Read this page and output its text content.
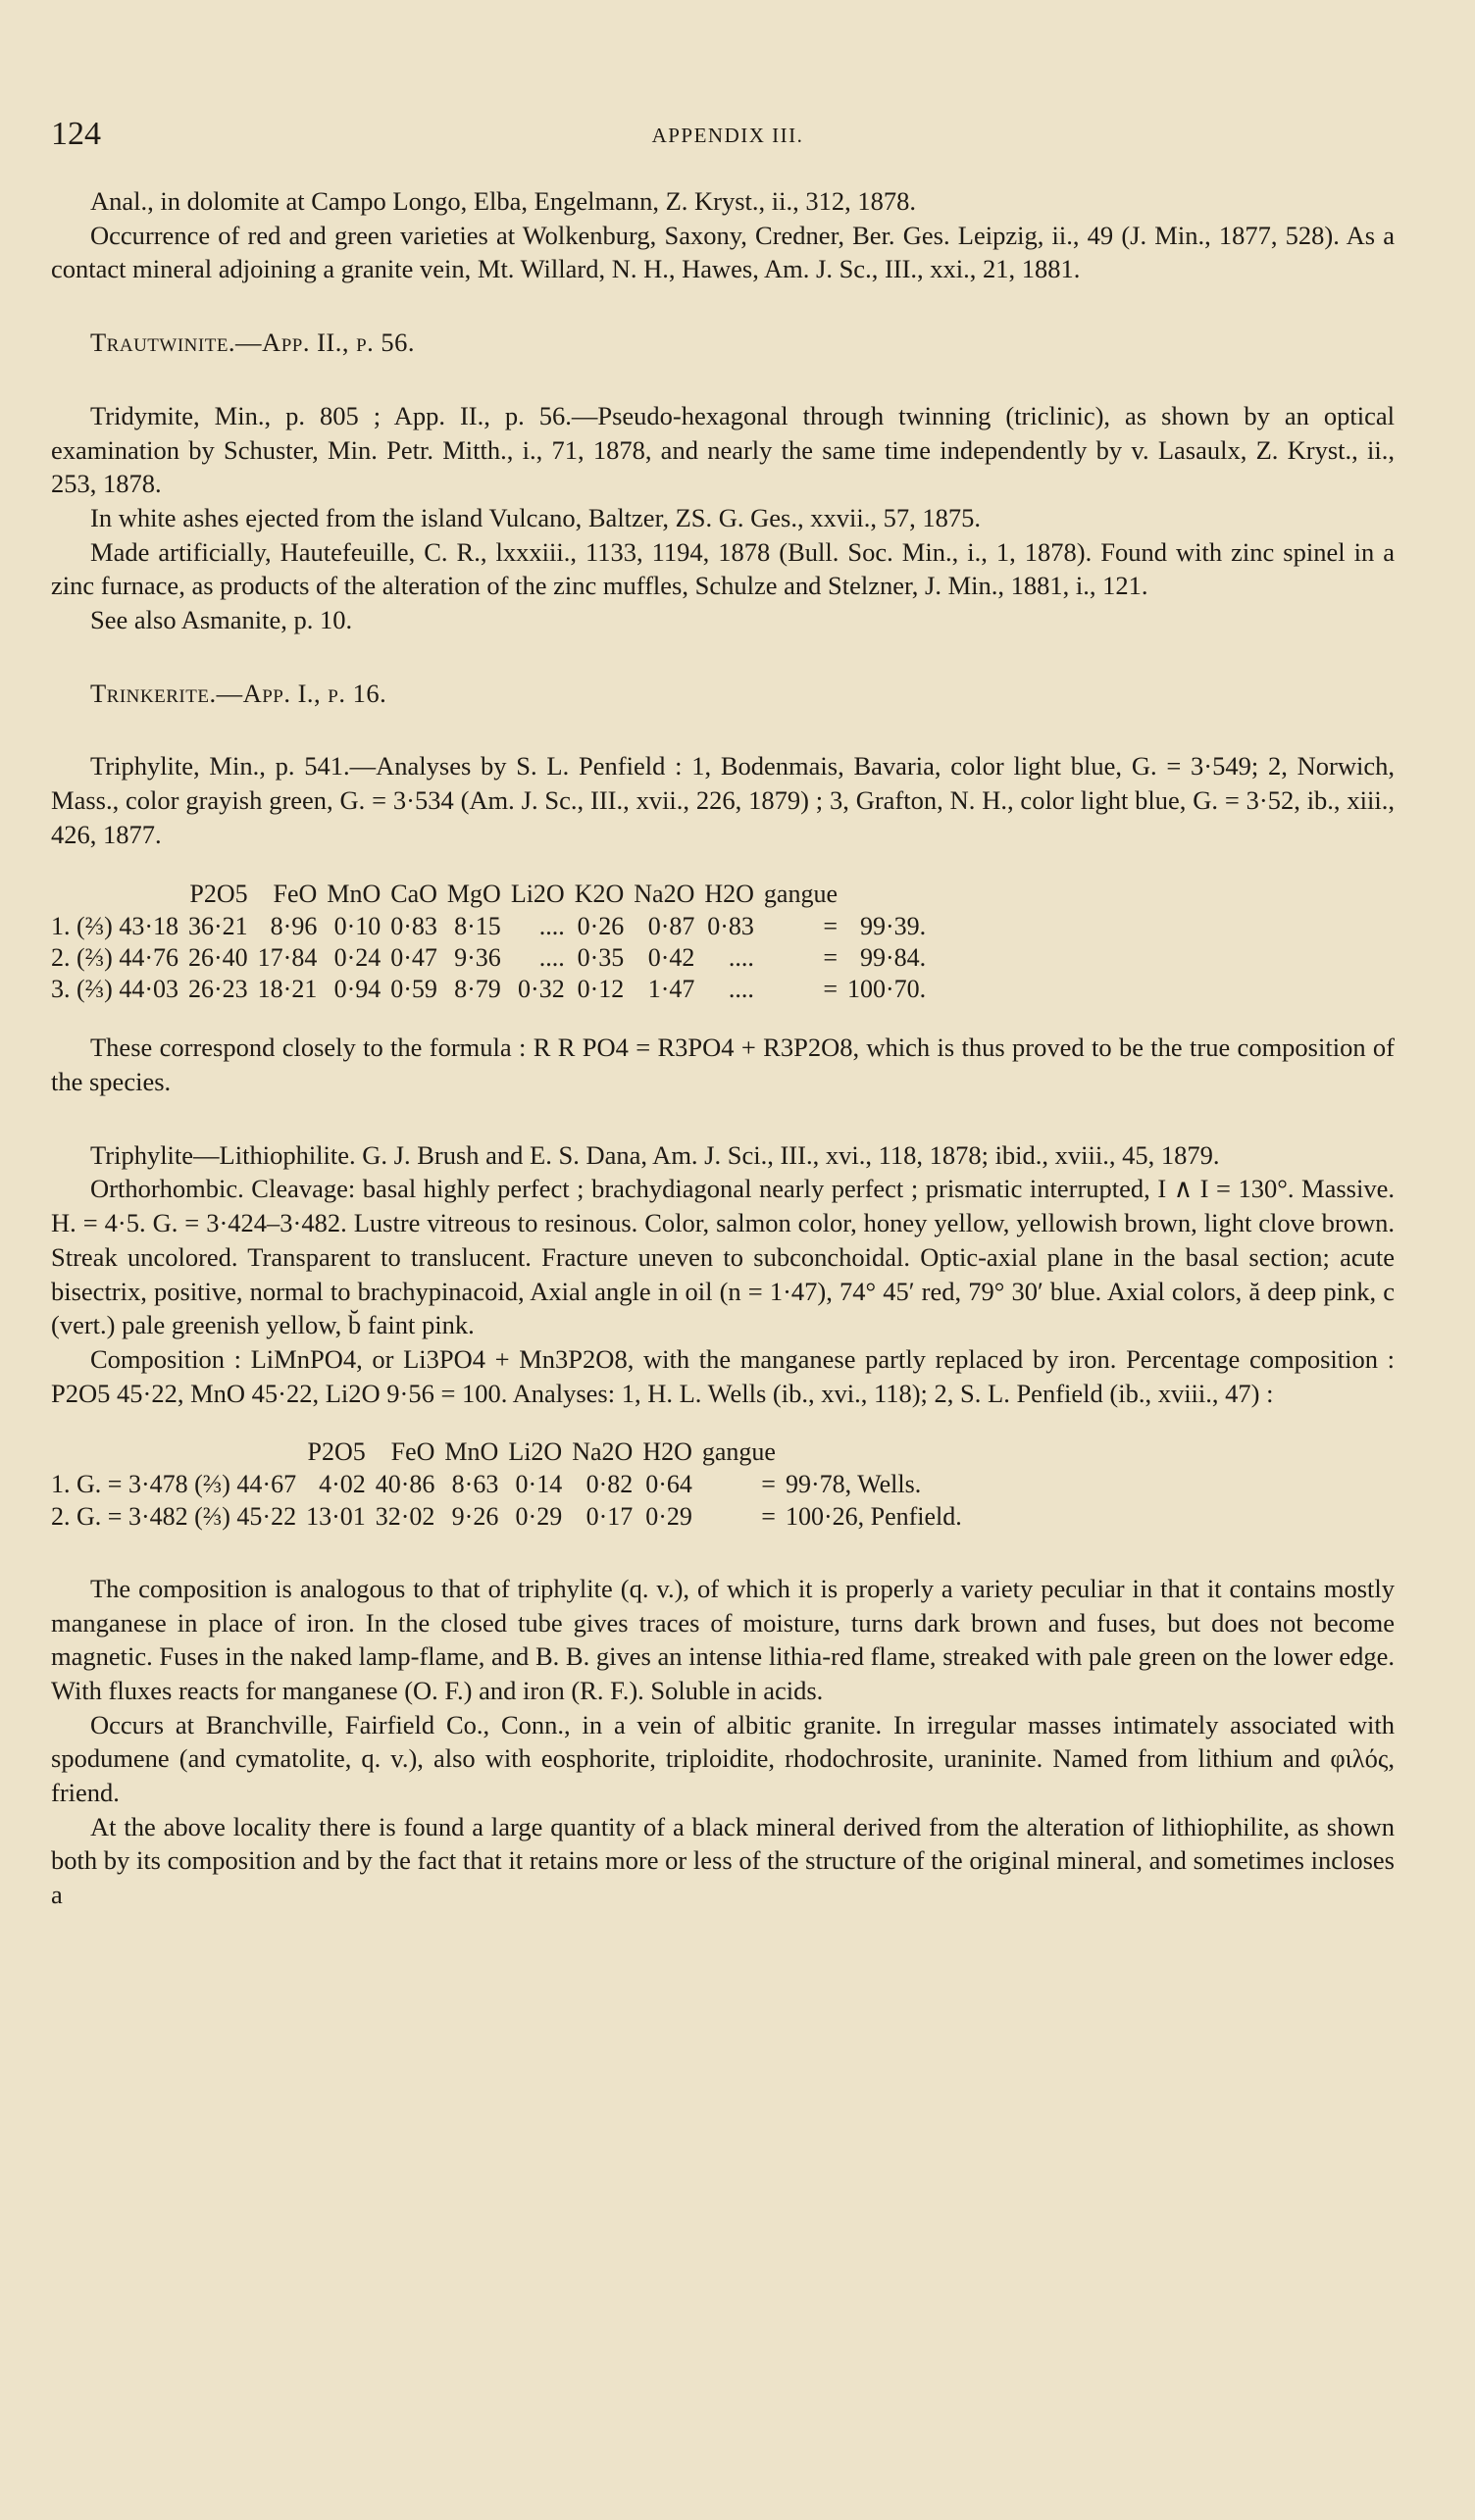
124	APPENDIX III.

Anal., in dolomite at Campo Longo, Elba, Engelmann, Z. Kryst., ii., 312, 1878.

Occurrence of red and green varieties at Wolkenburg, Saxony, Credner, Ber. Ges. Leipzig, ii., 49 (J. Min., 1877, 528). As a contact mineral adjoining a granite vein, Mt. Willard, N. H., Hawes, Am. J. Sc., III., xxi., 21, 1881.

Trautwinite.—App. II., p. 56.

Tridymite, Min., p. 805 ; App. II., p. 56.—Pseudo-hexagonal through twinning (triclinic), as shown by an optical examination by Schuster, Min. Petr. Mitth., i., 71, 1878, and nearly the same time independently by v. Lasaulx, Z. Kryst., ii., 253, 1878.

In white ashes ejected from the island Vulcano, Baltzer, ZS. G. Ges., xxvii., 57, 1875.

Made artificially, Hautefeuille, C. R., lxxxiii., 1133, 1194, 1878 (Bull. Soc. Min., i., 1, 1878). Found with zinc spinel in a zinc furnace, as products of the alteration of the zinc muffles, Schulze and Stelzner, J. Min., 1881, i., 121.

See also Asmanite, p. 10.

Trinkerite.—App. I., p. 16.

Triphylite, Min., p. 541.—Analyses by S. L. Penfield : 1, Bodenmais, Bavaria, color light blue, G. = 3·549; 2, Norwich, Mass., color grayish green, G. = 3·534 (Am. J. Sc., III., xvii., 226, 1879) ; 3, Grafton, N. H., color light blue, G. = 3·52, ib., xiii., 426, 1877.

	P2O5	FeO	MnO	CaO	MgO	Li2O	K2O	Na2O	H2O	gangue	
1. (⅔) 43·18	36·21	8·96	0·10	0·83	8·15	....	0·26	0·87	0·83	=	99·39.
2. (⅔) 44·76	26·40	17·84	0·24	0·47	9·36	....	0·35	0·42	....	=	99·84.
3. (⅔) 44·03	26·23	18·21	0·94	0·59	8·79	0·32	0·12	1·47	....	=	100·70.

These correspond closely to the formula : R R PO4 = R3PO4 + R3P2O8, which is thus proved to be the true composition of the species.

Triphylite—Lithiophilite. G. J. Brush and E. S. Dana, Am. J. Sci., III., xvi., 118, 1878; ibid., xviii., 45, 1879.

Orthorhombic. Cleavage: basal highly perfect ; brachydiagonal nearly perfect ; prismatic interrupted, I ∧ I = 130°. Massive. H. = 4·5. G. = 3·424–3·482. Lustre vitreous to resinous. Color, salmon color, honey yellow, yellowish brown, light clove brown. Streak uncolored. Transparent to translucent. Fracture uneven to subconchoidal. Optic-axial plane in the basal section; acute bisectrix, positive, normal to brachypinacoid, Axial angle in oil (n = 1·47), 74° 45′ red, 79° 30′ blue. Axial colors, ă deep pink, c (vert.) pale greenish yellow, b̆ faint pink.

Composition : LiMnPO4, or Li3PO4 + Mn3P2O8, with the manganese partly replaced by iron. Percentage composition : P2O5 45·22, MnO 45·22, Li2O 9·56 = 100. Analyses: 1, H. L. Wells (ib., xvi., 118); 2, S. L. Penfield (ib., xviii., 47) :

	P2O5	FeO	MnO	Li2O	Na2O	H2O	gangue	
1. G. = 3·478 (⅔) 44·67	4·02	40·86	8·63	0·14	0·82	0·64	=	99·78, Wells.
2. G. = 3·482 (⅔) 45·22	13·01	32·02	9·26	0·29	0·17	0·29	=	100·26, Penfield.

The composition is analogous to that of triphylite (q. v.), of which it is properly a variety peculiar in that it contains mostly manganese in place of iron. In the closed tube gives traces of moisture, turns dark brown and fuses, but does not become magnetic. Fuses in the naked lamp-flame, and B. B. gives an intense lithia-red flame, streaked with pale green on the lower edge. With fluxes reacts for manganese (O. F.) and iron (R. F.). Soluble in acids.

Occurs at Branchville, Fairfield Co., Conn., in a vein of albitic granite. In irregular masses intimately associated with spodumene (and cymatolite, q. v.), also with eosphorite, triploidite, rhodochrosite, uraninite. Named from lithium and φιλός, friend.

At the above locality there is found a large quantity of a black mineral derived from the alteration of lithiophilite, as shown both by its composition and by the fact that it retains more or less of the structure of the original mineral, and sometimes incloses a
